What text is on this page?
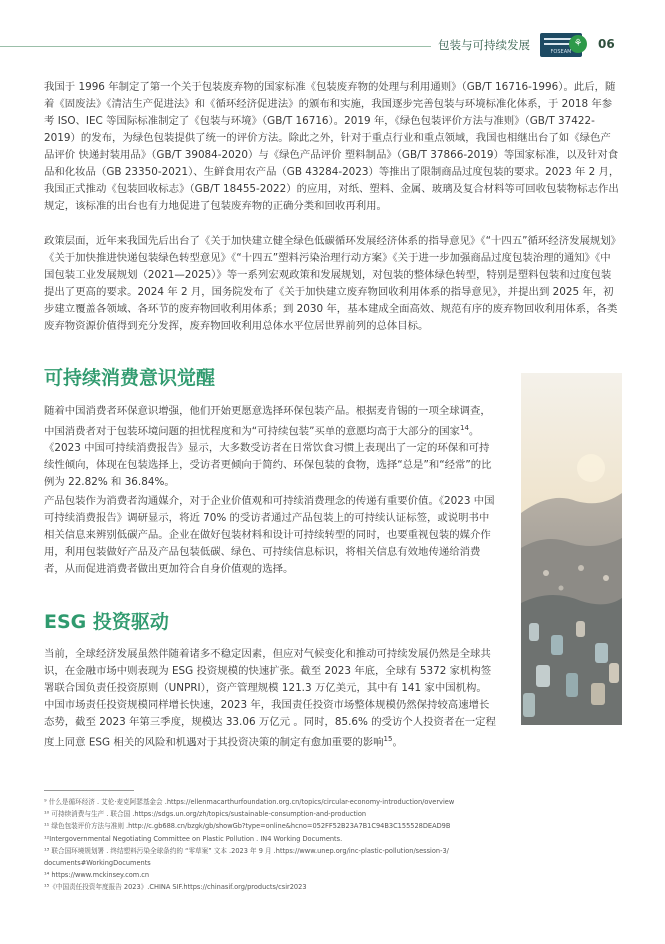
包装与可持续发展	FOSEAM
⚘	06
我国于 1996 年制定了第一个关于包装废弃物的国家标准《包装废弃物的处理与利用通则》（GB/T 16716-1996）。此后，随着《固废法》《清洁生产促进法》和《循环经济促进法》的颁布和实施，我国逐步完善包装与环境标准化体系，于 2018 年参考 ISO、IEC 等国际标准制定了《包装与环境》（GB/T 16716）。2019 年，《绿色包装评价方法与准则》（GB/T 37422-2019）的发布，为绿色包装提供了统一的评价方法。除此之外，针对于重点行业和重点领域，我国也相继出台了如《绿色产品评价 快递封装用品》（GB/T 39084-2020）与《绿色产品评价 塑料制品》（GB/T 37866-2019）等国家标准，以及针对食品和化妆品（GB 23350-2021）、生鲜食用农产品（GB 43284-2023）等推出了限制商品过度包装的要求。2023 年 2 月，我国正式推动《包装回收标志》（GB/T 18455-2022）的应用，对纸、塑料、金属、玻璃及复合材料等可回收包装物标志作出规定，该标准的出台也有力地促进了包装废弃物的正确分类和回收再利用。
政策层面，近年来我国先后出台了《关于加快建立健全绿色低碳循环发展经济体系的指导意见》《“十四五”循环经济发展规划》《关于加快推进快递包装绿色转型意见》《“十四五”塑料污染治理行动方案》《关于进一步加强商品过度包装治理的通知》《中国包装工业发展规划（2021—2025）》等一系列宏观政策和发展规划，对包装的整体绿色转型，特别是塑料包装和过度包装提出了更高的要求。2024 年 2 月，国务院发布了《关于加快建立废弃物回收利用体系的指导意见》，并提出到 2025 年，初步建立覆盖各领域、各环节的废弃物回收利用体系；到 2030 年，基本建成全面高效、规范有序的废弃物回收利用体系，各类废弃物资源价值得到充分发挥，废弃物回收利用总体水平位居世界前列的总体目标。
可持续消费意识觉醒
随着中国消费者环保意识增强，他们开始更愿意选择环保包装产品。根据麦肯锡的一项全球调查，中国消费者对于包装环境问题的担忧程度和为“可持续包装”买单的意愿均高于大部分的国家$^{14}$。《2023 中国可持续消费报告》显示，大多数受访者在日常饮食习惯上表现出了一定的环保和可持续性倾向，体现在包装选择上，受访者更倾向于简约、环保包装的食物，选择“总是”和“经常”的比例为 22.82% 和 36.84%。
产品包装作为消费者沟通媒介，对于企业价值观和可持续消费理念的传递有重要价值。《2023 中国可持续消费报告》调研显示，将近 70% 的受访者通过产品包装上的可持续认证标签，或说明书中相关信息来辨别低碳产品。企业在做好包装材料和设计可持续转型的同时，也要重视包装的媒介作用，利用包装做好产品及产品包装低碳、绿色、可持续信息标识，将相关信息有效地传递给消费者，从而促进消费者做出更加符合自身价值观的选择。
ESG 投资驱动
当前，全球经济发展虽然伴随着诸多不稳定因素，但应对气候变化和推动可持续发展仍然是全球共识，在金融市场中则表现为 ESG 投资规模的快速扩张。截至 2023 年底，全球有 5372 家机构签署联合国负责任投资原则（UNPRI），资产管理规模 121.3 万亿美元，其中有 141 家中国机构。中国市场责任投资规模同样增长快速，2023 年，我国责任投资市场整体规模仍然保持较高速增长态势，截至 2023 年第三季度，规模达 33.06 万亿元 。同时，85.6% 的受访个人投资者在一定程度上同意 ESG 相关的风险和机遇对于其投资决策的制定有愈加重要的影响$^{15}$。
⁹ 什么是循环经济 . 艾伦·麦克阿瑟基金会 .https://ellenmacarthurfoundation.org.cn/topics/circular-economy-introduction/overview
¹⁰ 可持续消费与生产 . 联合国 .https://sdgs.un.org/zh/topics/sustainable-consumption-and-production
¹¹ 绿色包装评价方法与准则 .http://c.gb688.cn/bzgk/gb/showGb?type=online&hcno=052FF52B23A7B1C94B3C155528DEAD9B
¹²Intergovernmental Negotiating Committee on Plastic Pollution . IN4 Working Documents.
¹³ 联合国环境规划署 . 终结塑料污染全球条约的 “零草案” 文本 .2023 年 9 月 .https://www.unep.org/inc-plastic-pollution/session-3/
documents#WorkingDocuments
¹⁴ https://www.mckinsey.com.cn
¹⁵《中国责任投资年度报告 2023》.CHINA SIF.https://chinasif.org/products/csir2023
